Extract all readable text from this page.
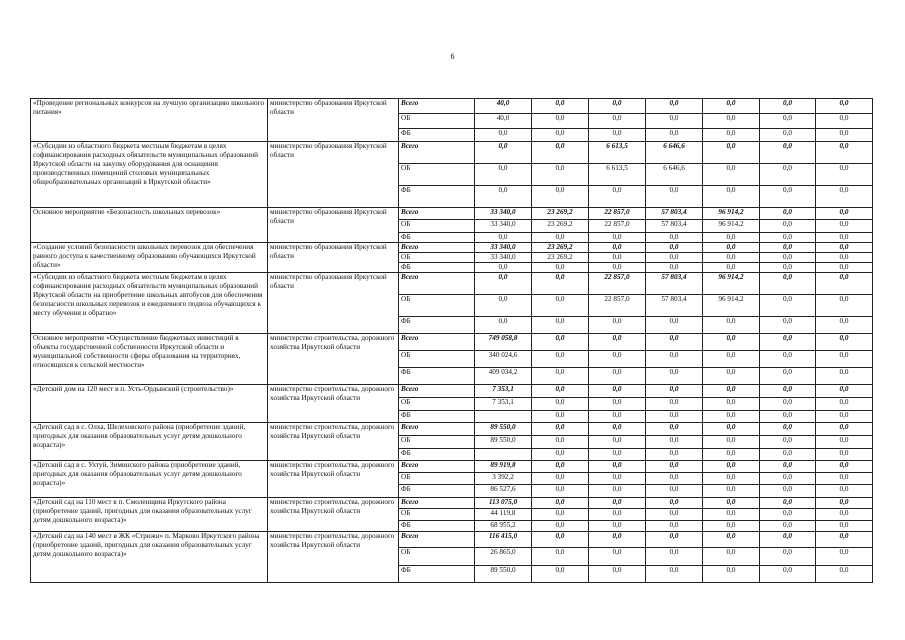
6
«Проведение региональных конкурсов на лучшую организацию школьного питания»	министерство образования Иркутской области	Всего	40,0	0,0	0,0	0,0	0,0	0,0	0,0
		ОБ	40,0	0,0	0,0	0,0	0,0	0,0	0,0
		ФБ	0,0	0,0	0,0	0,0	0,0	0,0	0,0
«Субсидии из областного бюджета местным бюджетам в целях софинансирования расходных обязательств муниципальных образований Иркутской области на закупку оборудования для оснащения производственных помещений столовых муниципальных общеобразовательных организаций в Иркутской области»	министерство образования Иркутской области	Всего	0,0	0,0	6 613,5	6 646,6	0,0	0,0	0,0
		ОБ	0,0	0,0	6 613,5	6 646,6	0,0	0,0	0,0
		ФБ	0,0	0,0	0,0	0,0	0,0	0,0	0,0
Основное мероприятие «Безопасность школьных перевозок»	министерство образования Иркутской области	Всего	33 340,0	23 269,2	22 857,0	57 803,4	96 914,2	0,0	0,0
		ОБ	33 340,0	23 269,2	22 857,0	57 803,4	96 914,2	0,0	0,0
		ФБ	0,0	0,0	0,0	0,0	0,0	0,0	0,0
«Создание условий безопасности школьных перевозок для обеспечения равного доступа к качественному образованию обучающихся Иркутской области»	министерство образования Иркутской области	Всего	33 340,0	23 269,2	0,0	0,0	0,0	0,0	0,0
		ОБ	33 340,0	23 269,2	0,0	0,0	0,0	0,0	0,0
		ФБ	0,0	0,0	0,0	0,0	0,0	0,0	0,0
«Субсидии из областного бюджета местным бюджетам в целях софинансирования расходных обязательств муниципальных образований Иркутской области на приобретение школьных автобусов для обеспечения безопасности школьных перевозок и ежедневного подвоза обучающихся к месту обучения и обратно»	министерство образования Иркутской области	Всего	0,0	0,0	22 857,0	57 803,4	96 914,2	0,0	0,0
		ОБ	0,0	0,0	22 857,0	57 803,4	96 914,2	0,0	0,0
		ФБ	0,0	0,0	0,0	0,0	0,0	0,0	0,0
Основное мероприятие «Осуществление бюджетных инвестиций в объекты государственной собственности Иркутской области и муниципальной собственности сферы образования на территориях, относящихся к сельской местности»	министерство строительства, дорожного хозяйства Иркутской области	Всего	749 058,8	0,0	0,0	0,0	0,0	0,0	0,0
		ОБ	340 024,6	0,0	0,0	0,0	0,0	0,0	0,0
		ФБ	409 034,2	0,0	0,0	0,0	0,0	0,0	0,0
«Детский дом на 120 мест в п. Усть-Ордынский (строительство)»	министерство строительства, дорожного хозяйства Иркутской области	Всего	7 353,1	0,0	0,0	0,0	0,0	0,0	0,0
		ОБ	7 353,1	0,0	0,0	0,0	0,0	0,0	0,0
		ФБ		0,0	0,0	0,0	0,0	0,0	0,0
«Детский сад в с. Олха, Шелеховского района (приобретение зданий, пригодных для оказания образовательных услуг детям дошкольного возраста)»	министерство строительства, дорожного хозяйства Иркутской области	Всего	89 550,0	0,0	0,0	0,0	0,0	0,0	0,0
		ОБ	89 550,0	0,0	0,0	0,0	0,0	0,0	0,0
		ФБ		0,0	0,0	0,0	0,0	0,0	0,0
«Детский сад в с. Ухтуй, Зиминского района (приобретение зданий, пригодных для оказания образовательных услуг детям дошкольного возраста)»	министерство строительства, дорожного хозяйства Иркутской области	Всего	89 919,8	0,0	0,0	0,0	0,0	0,0	0,0
		ОБ	3 392,2	0,0	0,0	0,0	0,0	0,0	0,0
		ФБ	86 527,6	0,0	0,0	0,0	0,0	0,0	0,0
«Детский сад на 110 мест в п. Смоленщина Иркутского района (приобретение зданий, пригодных для оказания образовательных услуг детям дошкольного возраста)»	министерство строительства, дорожного хозяйства Иркутской области	Всего	113 075,0	0,0	0,0	0,0	0,0	0,0	0,0
		ОБ	44 119,8	0,0	0,0	0,0	0,0	0,0	0,0
		ФБ	68 955,2	0,0	0,0	0,0	0,0	0,0	0,0
«Детский сад на 140 мест в ЖК «Стрижи» п. Марково Иркутского района (приобретение зданий, пригодных для оказания образовательных услуг детям дошкольного возраста)»	министерство строительства, дорожного хозяйства Иркутской области	Всего	116 415,0	0,0	0,0	0,0	0,0	0,0	0,0
		ОБ	26 865,0	0,0	0,0	0,0	0,0	0,0	0,0
		ФБ	89 550,0	0,0	0,0	0,0	0,0	0,0	0,0
